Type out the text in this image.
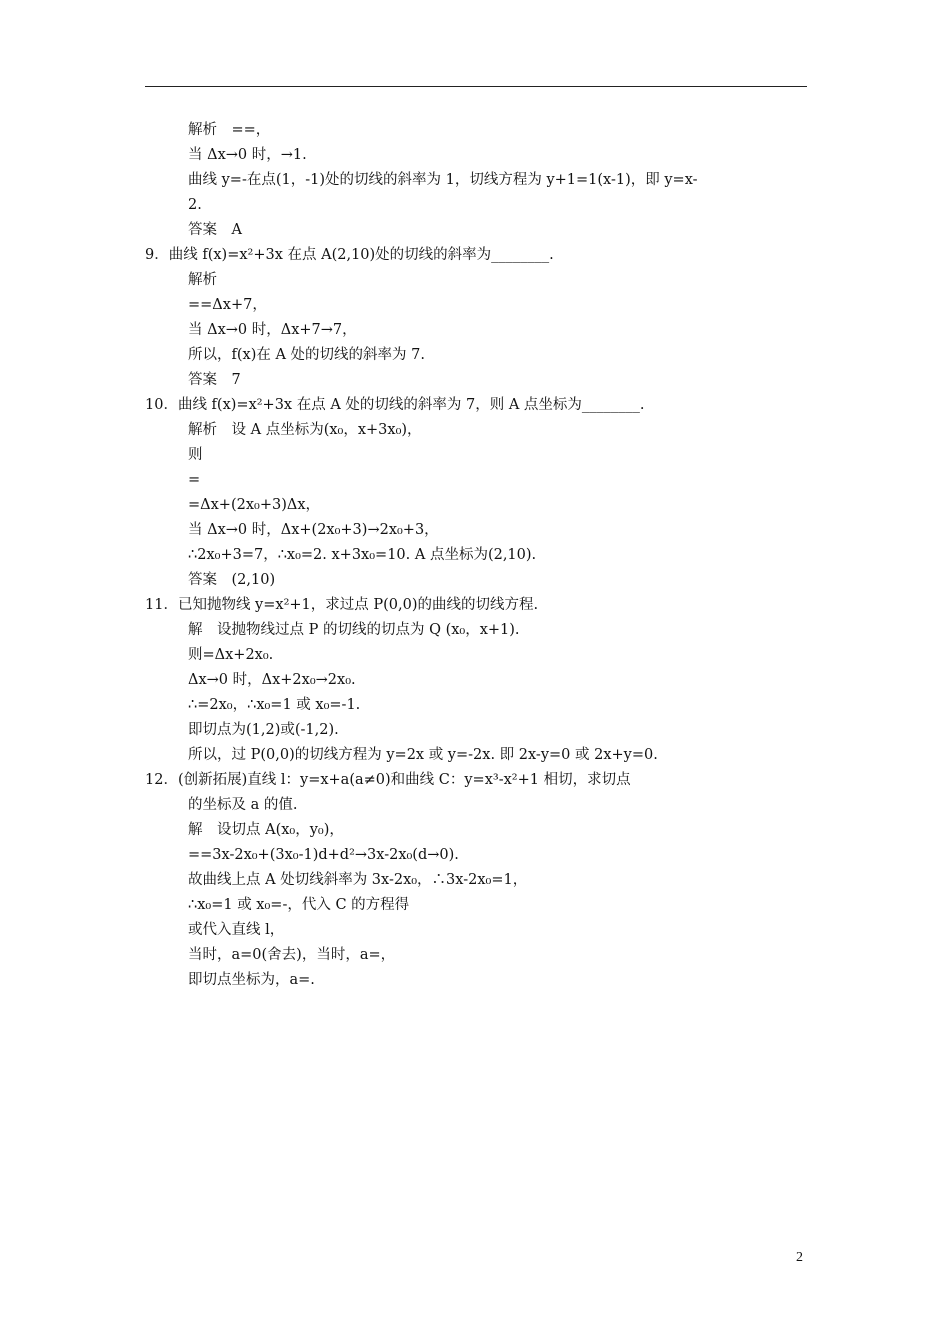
解析　==，
当 Δx→0 时，→1.
曲线 y=-在点(1，-1)处的切线的斜率为 1，切线方程为 y+1=1(x-1)，即 y=x-
2.
答案　A
9．曲线 f(x)=x²+3x 在点 A(2,10)处的切线的斜率为________.
解析
==Δx+7，
当 Δx→0 时，Δx+7→7，
所以，f(x)在 A 处的切线的斜率为 7.
答案　7
10．曲线 f(x)=x²+3x 在点 A 处的切线的斜率为 7，则 A 点坐标为________.
解析　设 A 点坐标为(x₀，x+3x₀)，
则
=
=Δx+(2x₀+3)Δx，
当 Δx→0 时，Δx+(2x₀+3)→2x₀+3，
∴2x₀+3=7，∴x₀=2. x+3x₀=10. A 点坐标为(2,10).
答案　(2,10)
11．已知抛物线 y=x²+1，求过点 P(0,0)的曲线的切线方程.
解　设抛物线过点 P 的切线的切点为 Q (x₀，x+1).
则=Δx+2x₀.
Δx→0 时，Δx+2x₀→2x₀.
∴=2x₀，∴x₀=1 或 x₀=-1.
即切点为(1,2)或(-1,2).
所以，过 P(0,0)的切线方程为 y=2x 或 y=-2x. 即 2x-y=0 或 2x+y=0.
12．(创新拓展)直线 l：y=x+a(a≠0)和曲线 C：y=x³-x²+1 相切，求切点
的坐标及 a 的值.
解　设切点 A(x₀，y₀)，
==3x-2x₀+(3x₀-1)d+d²→3x-2x₀(d→0).
故曲线上点 A 处切线斜率为 3x-2x₀，∴3x-2x₀=1，
∴x₀=1 或 x₀=-，代入 C 的方程得
或代入直线 l，
当时，a=0(舍去)，当时，a=，
即切点坐标为，a=.
2
